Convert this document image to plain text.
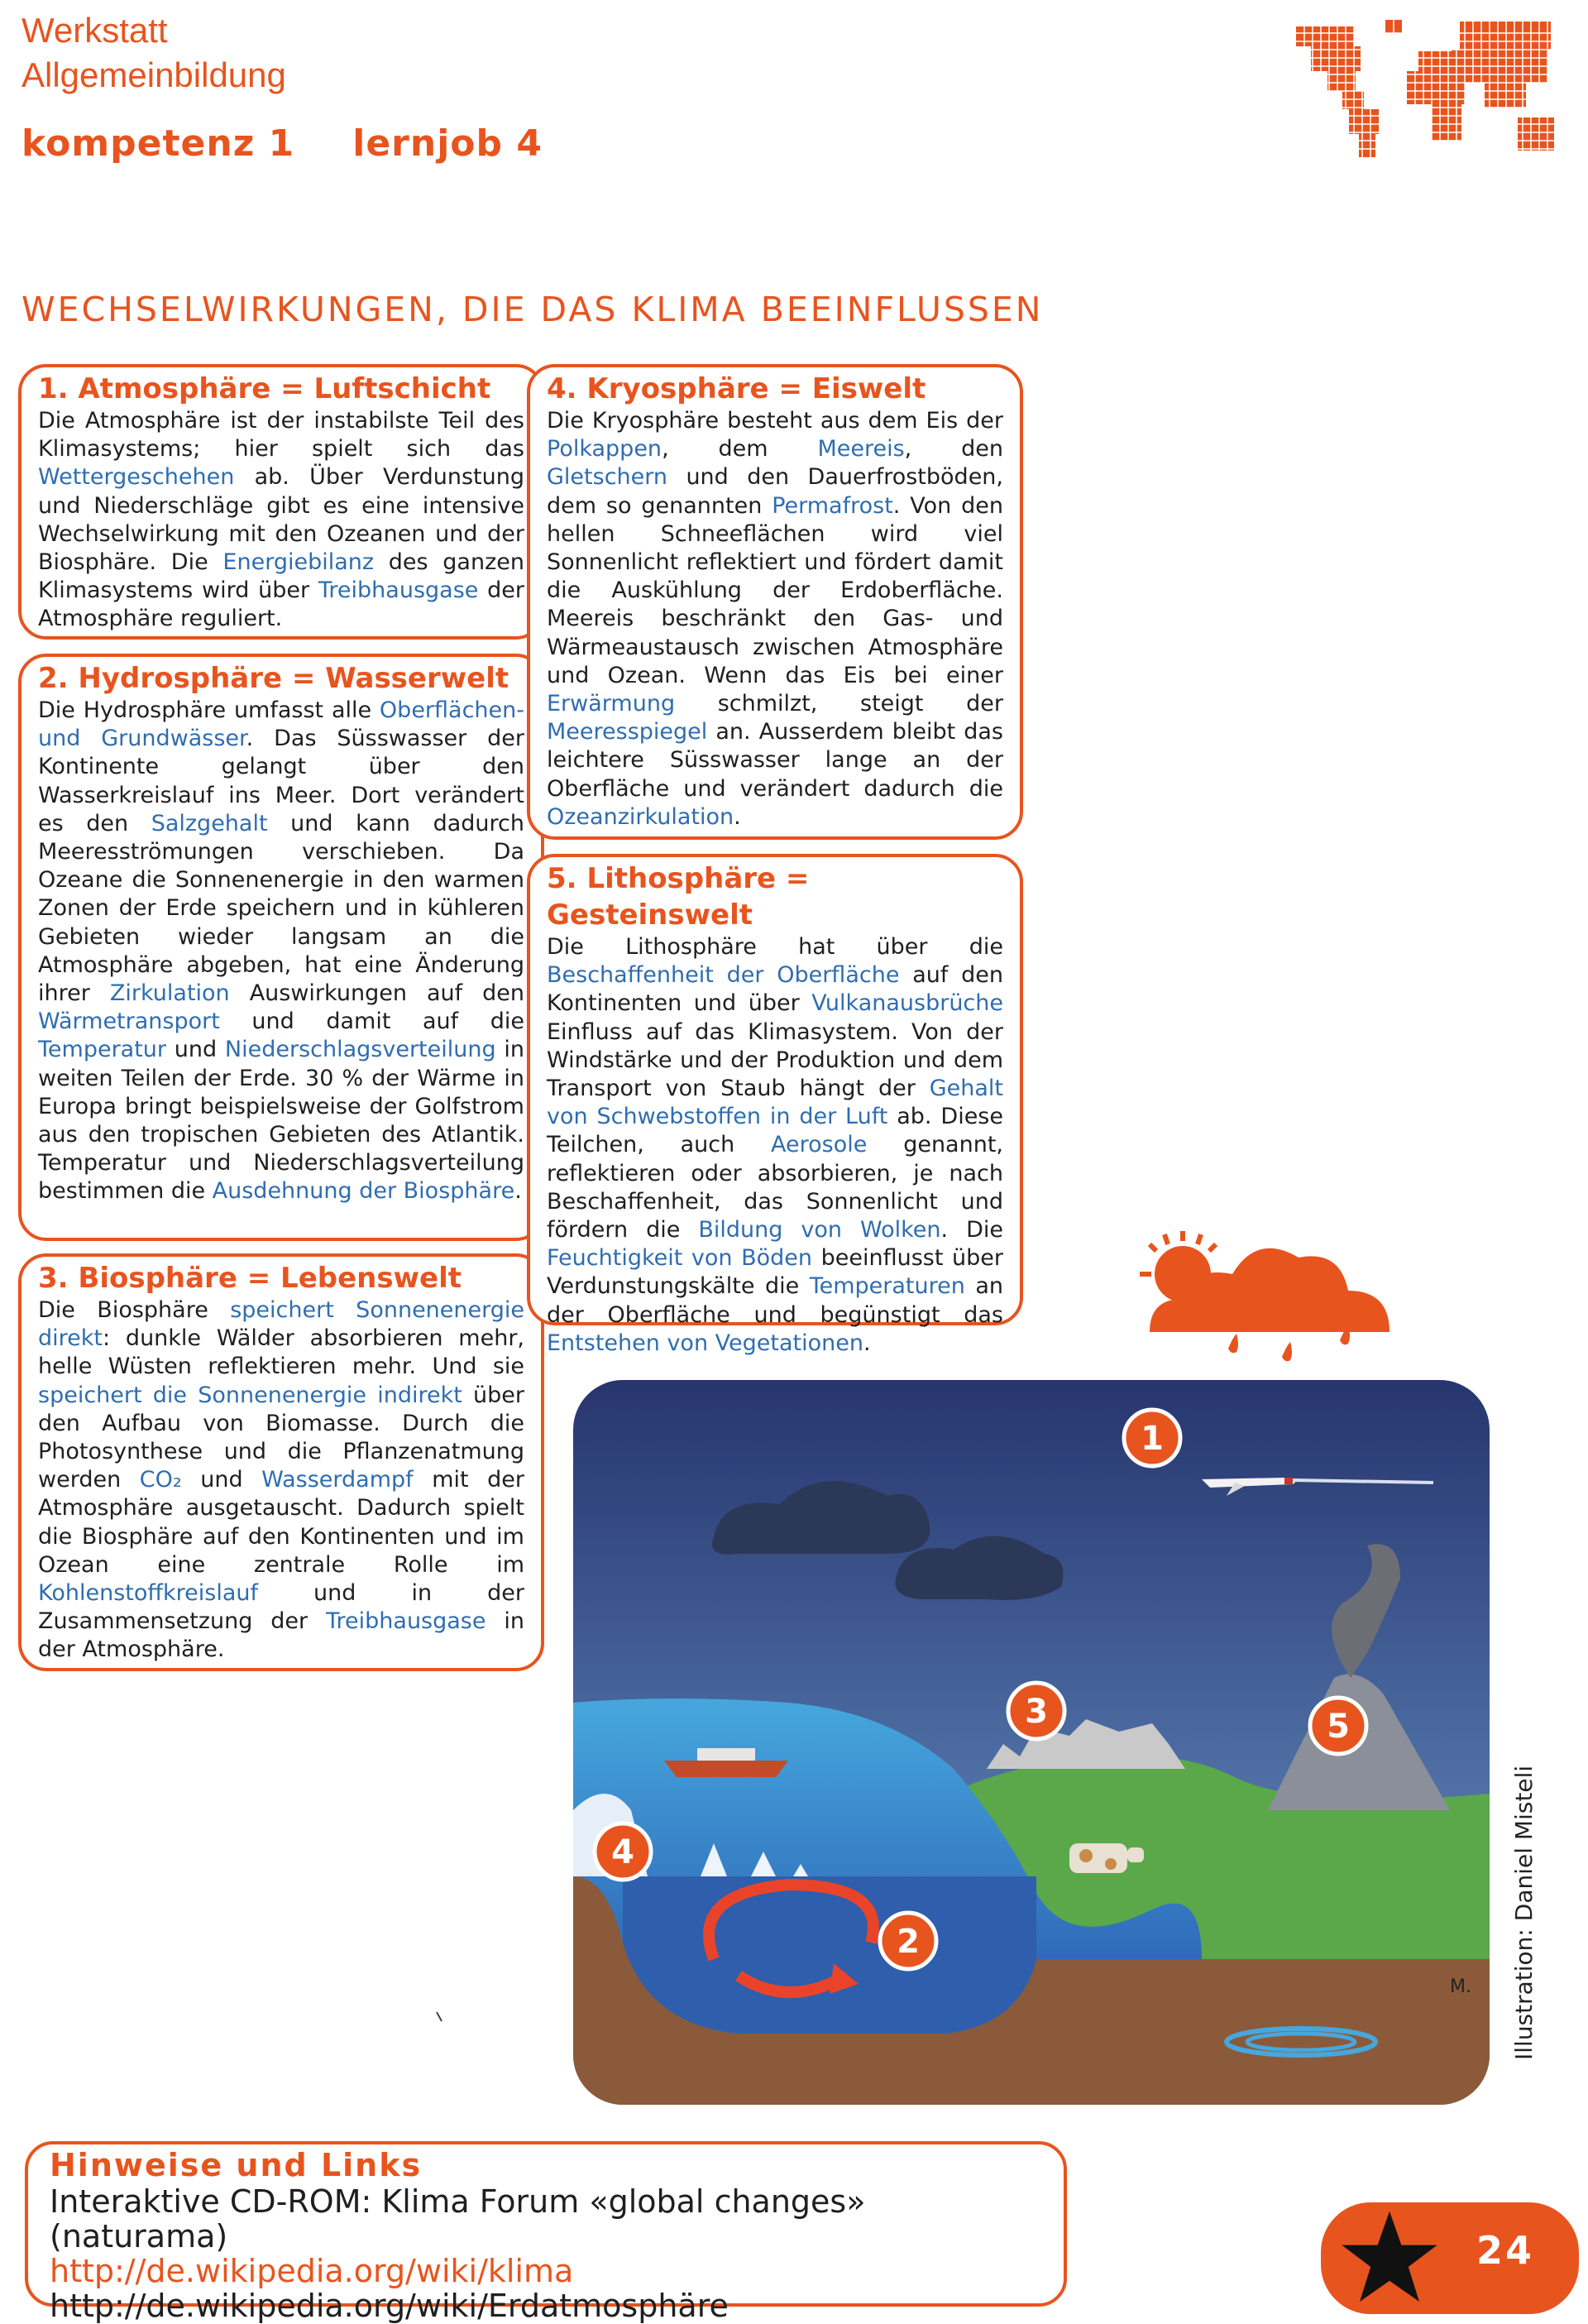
Werkstatt
Allgemeinbildung
kompetenz 1 lernjob 4
WECHSELWIRKUNGEN, DIE DAS KLIMA BEEINFLUSSEN
1. Atmosphäre = Luftschicht

Die Atmosphäre ist der instabilste Teil des Klimasystems; hier spielt sich das Wettergeschehen ab. Über Verdunstung und Niederschläge gibt es eine intensive Wechselwirkung mit den Ozeanen und der Biosphäre. Die Energiebilanz des ganzen Klimasystems wird über Treibhausgase der Atmosphäre reguliert.

2. Hydrosphäre = Wasserwelt

Die Hydrosphäre umfasst alle Oberflächen- und Grundwässer. Das Süsswasser der Kontinente gelangt über den Wasserkreislauf ins Meer. Dort verändert es den Salzgehalt und kann dadurch Meeresströmungen verschieben. Da Ozeane die Sonnenenergie in den warmen Zonen der Erde speichern und in kühleren Gebieten wieder langsam an die Atmosphäre abgeben, hat eine Änderung ihrer Zirkulation Auswirkungen auf den Wärmetransport und damit auf die Temperatur und Niederschlagsverteilung in weiten Teilen der Erde. 30 % der Wärme in Europa bringt beispielsweise der Golfstrom aus den tropischen Gebieten des Atlantik. Temperatur und Niederschlagsverteilung bestimmen die Ausdehnung der Biosphäre.

3. Biosphäre = Lebenswelt

Die Biosphäre speichert Sonnenenergie direkt: dunkle Wälder absorbieren mehr, helle Wüsten reflektieren mehr. Und sie speichert die Sonnenenergie indirekt über den Aufbau von Biomasse. Durch die Photosynthese und die Pflanzenatmung werden CO₂ und Wasserdampf mit der Atmosphäre ausgetauscht. Dadurch spielt die Biosphäre auf den Kontinenten und im Ozean eine zentrale Rolle im Kohlenstoffkreislauf und in der Zusammensetzung der Treibhausgase in der Atmosphäre.

4. Kryosphäre = Eiswelt

Die Kryosphäre besteht aus dem Eis der Polkappen, dem Meereis, den Gletschern und den Dauerfrostböden, dem so genannten Permafrost. Von den hellen Schneeflächen wird viel Sonnenlicht reflektiert und fördert damit die Auskühlung der Erdoberfläche. Meereis beschränkt den Gas- und Wärmeaustausch zwischen Atmosphäre und Ozean. Wenn das Eis bei einer Erwärmung schmilzt, steigt der Meeresspiegel an. Ausserdem bleibt das leichtere Süsswasser lange an der Oberfläche und verändert dadurch die Ozeanzirkulation.

5. Lithosphäre = Gesteinswelt

Die Lithosphäre hat über die Beschaffenheit der Oberfläche auf den Kontinenten und über Vulkanausbrüche Einfluss auf das Klimasystem. Von der Windstärke und der Produktion und dem Transport von Staub hängt der Gehalt von Schwebstoffen in der Luft ab. Diese Teilchen, auch Aerosole genannt, reflektieren oder absorbieren, je nach Beschaffenheit, das Sonnenlicht und fördern die Bildung von Wolken. Die Feuchtigkeit von Böden beeinflusst über Verdunstungskälte die Temperaturen an der Oberfläche und begünstigt das Entstehen von Vegetationen.

1
2
3
4
5
M. Illustration: Daniel Misteli
Hinweise und Links
Interaktive CD-ROM: Klima Forum «global changes» (naturama)
http://de.wikipedia.org/wiki/klima
http://de.wikipedia.org/wiki/Erdatmosphäre
24
